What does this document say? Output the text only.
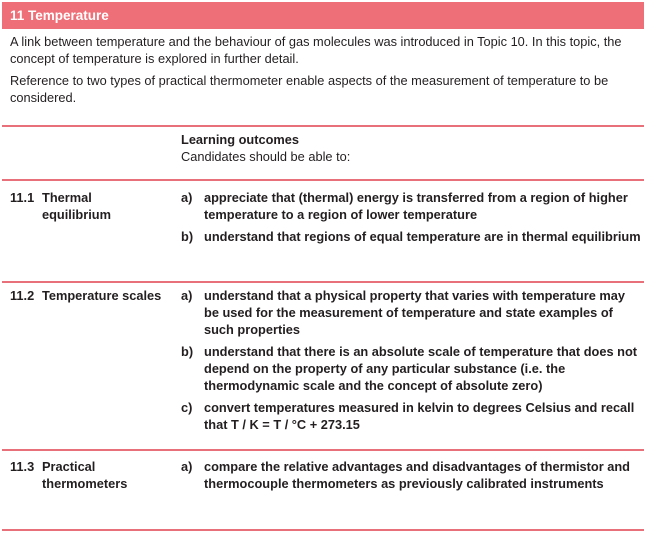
11 Temperature

A link between temperature and the behaviour of gas molecules was introduced in Topic 10. In this topic, the concept of temperature is explored in further detail.

Reference to two types of practical thermometer enable aspects of the measurement of temperature to be considered.

Learning outcomes
Candidates should be able to:
11.1 Thermal
equilibrium
a) appreciate that (thermal) energy is transferred from a region of higher temperature to a region of lower temperature
b) understand that regions of equal temperature are in thermal equilibrium
11.2 Temperature scales	a) understand that a physical property that varies with temperature may be used for the measurement of temperature and state examples of such properties
b) understand that there is an absolute scale of temperature that does not depend on the property of any particular substance (i.e. the thermodynamic scale and the concept of absolute zero)
c) convert temperatures measured in kelvin to degrees Celsius and recall that T / K = T / °C + 273.15
11.3 Practical
thermometers
a) compare the relative advantages and disadvantages of thermistor and thermocouple thermometers as previously calibrated instruments
